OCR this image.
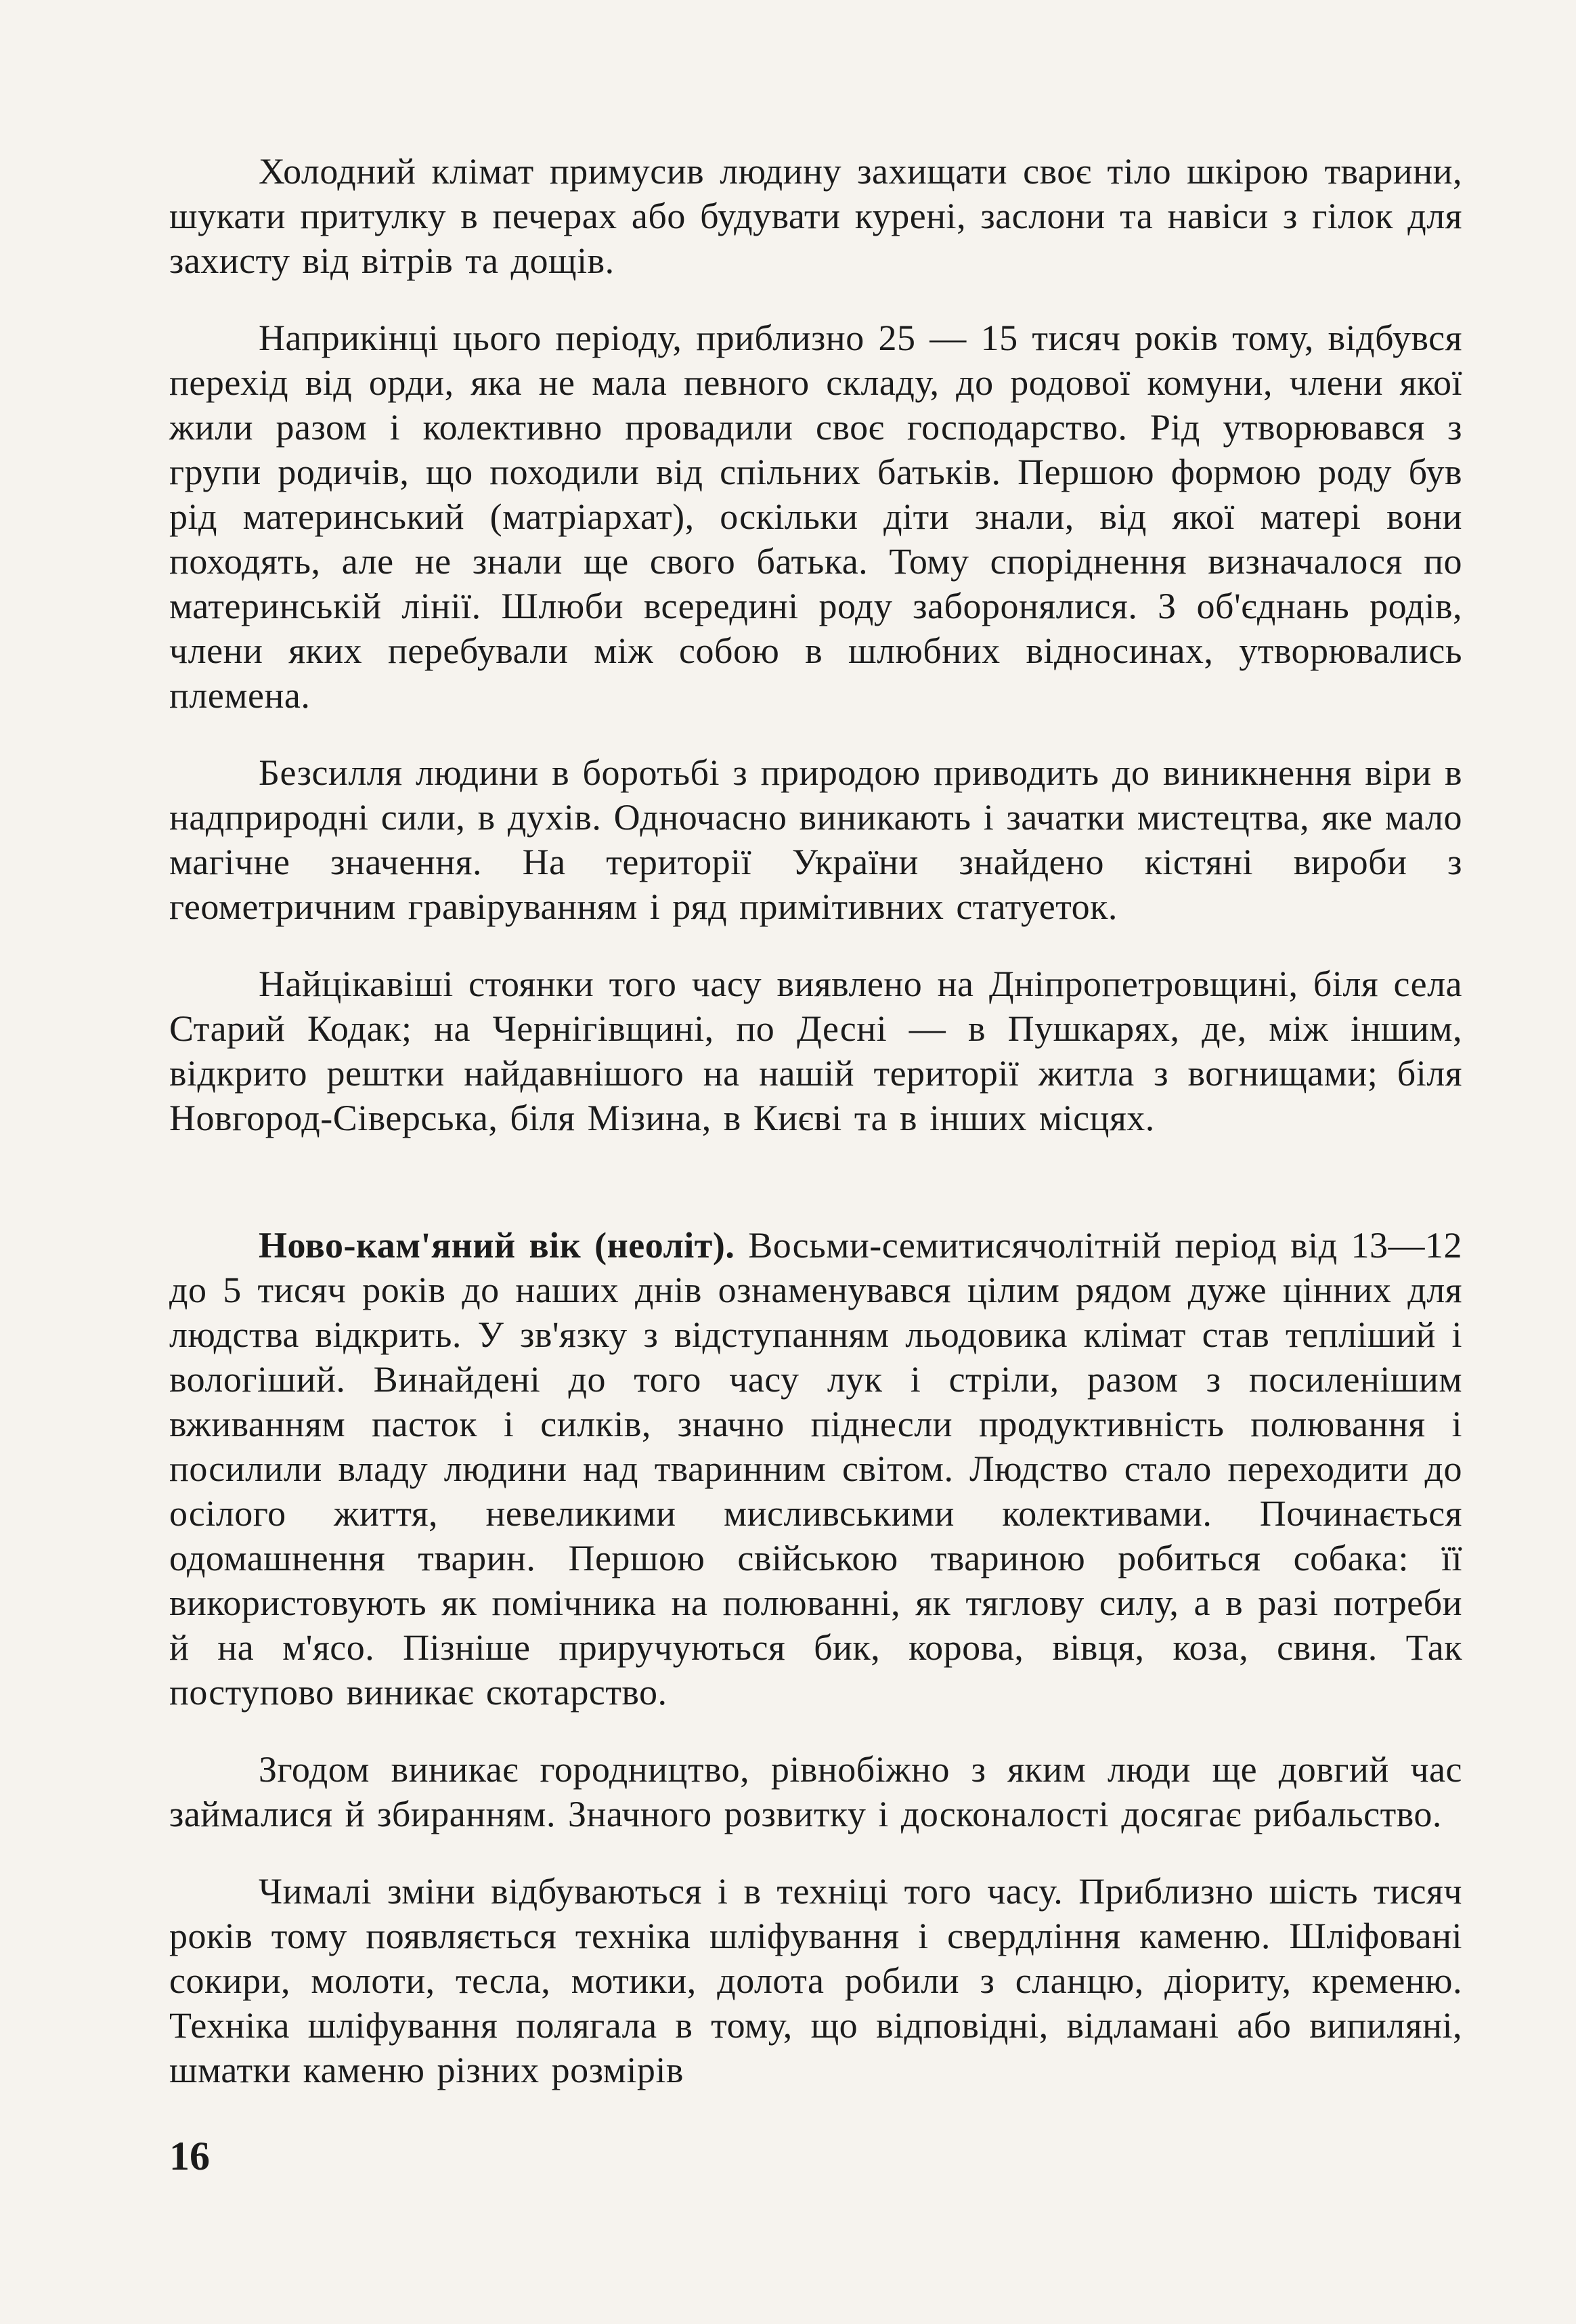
Холодний клімат примусив людину захищати своє тіло шкірою тварини, шукати притулку в печерах або будувати курені, заслони та навіси з гілок для захисту від вітрів та дощів.

Наприкінці цього періоду, приблизно 25 — 15 тисяч років тому, відбувся перехід від орди, яка не мала певного складу, до родової комуни, члени якої жили разом і колективно провадили своє господарство. Рід утворювався з групи родичів, що походили від спільних батьків. Першою формою роду був рід материнський (матріархат), оскільки діти знали, від якої матері вони походять, але не знали ще свого батька. Тому споріднення визначалося по материнській лінії. Шлюби всередині роду заборонялися. З об'єднань родів, члени яких перебували між собою в шлюбних відносинах, утворювались племена.

Безсилля людини в боротьбі з природою приводить до виникнення віри в надприродні сили, в духів. Одночасно виникають і зачатки мистецтва, яке мало магічне значення. На території України знайдено кістяні вироби з геометричним гравіруванням і ряд примітивних статуеток.

Найцікавіші стоянки того часу виявлено на Дніпропетровщині, біля села Старий Кодак; на Чернігівщині, по Десні — в Пушкарях, де, між іншим, відкрито рештки найдавнішого на нашій території житла з вогнищами; біля Новгород-Сіверська, біля Мізина, в Києві та в інших місцях.

Ново-кам'яний вік (неоліт). Восьми-семитисячолітній період від 13—12 до 5 тисяч років до наших днів ознаменувався цілим рядом дуже цінних для людства відкрить. У зв'язку з відступанням льодовика клімат став тепліший і вологіший. Винайдені до того часу лук і стріли, разом з посиленішим вживанням пасток і силків, значно піднесли продуктивність полювання і посилили владу людини над тваринним світом. Людство стало переходити до осілого життя, невеликими мисливськими колективами. Починається одомашнення тварин. Першою свійською твариною робиться собака: її використовують як помічника на полюванні, як тяглову силу, а в разі потреби й на м'ясо. Пізніше приручуються бик, корова, вівця, коза, свиня. Так поступово виникає скотарство.

Згодом виникає городництво, рівнобіжно з яким люди ще довгий час займалися й збиранням. Значного розвитку і досконалості досягає рибальство.

Чималі зміни відбуваються і в техніці того часу. Приблизно шість тисяч років тому появляється техніка шліфування і свердління каменю. Шліфовані сокири, молоти, тесла, мотики, долота робили з сланцю, діориту, кременю. Техніка шліфування полягала в тому, що відповідні, відламані або випиляні, шматки каменю різних розмірів

16
